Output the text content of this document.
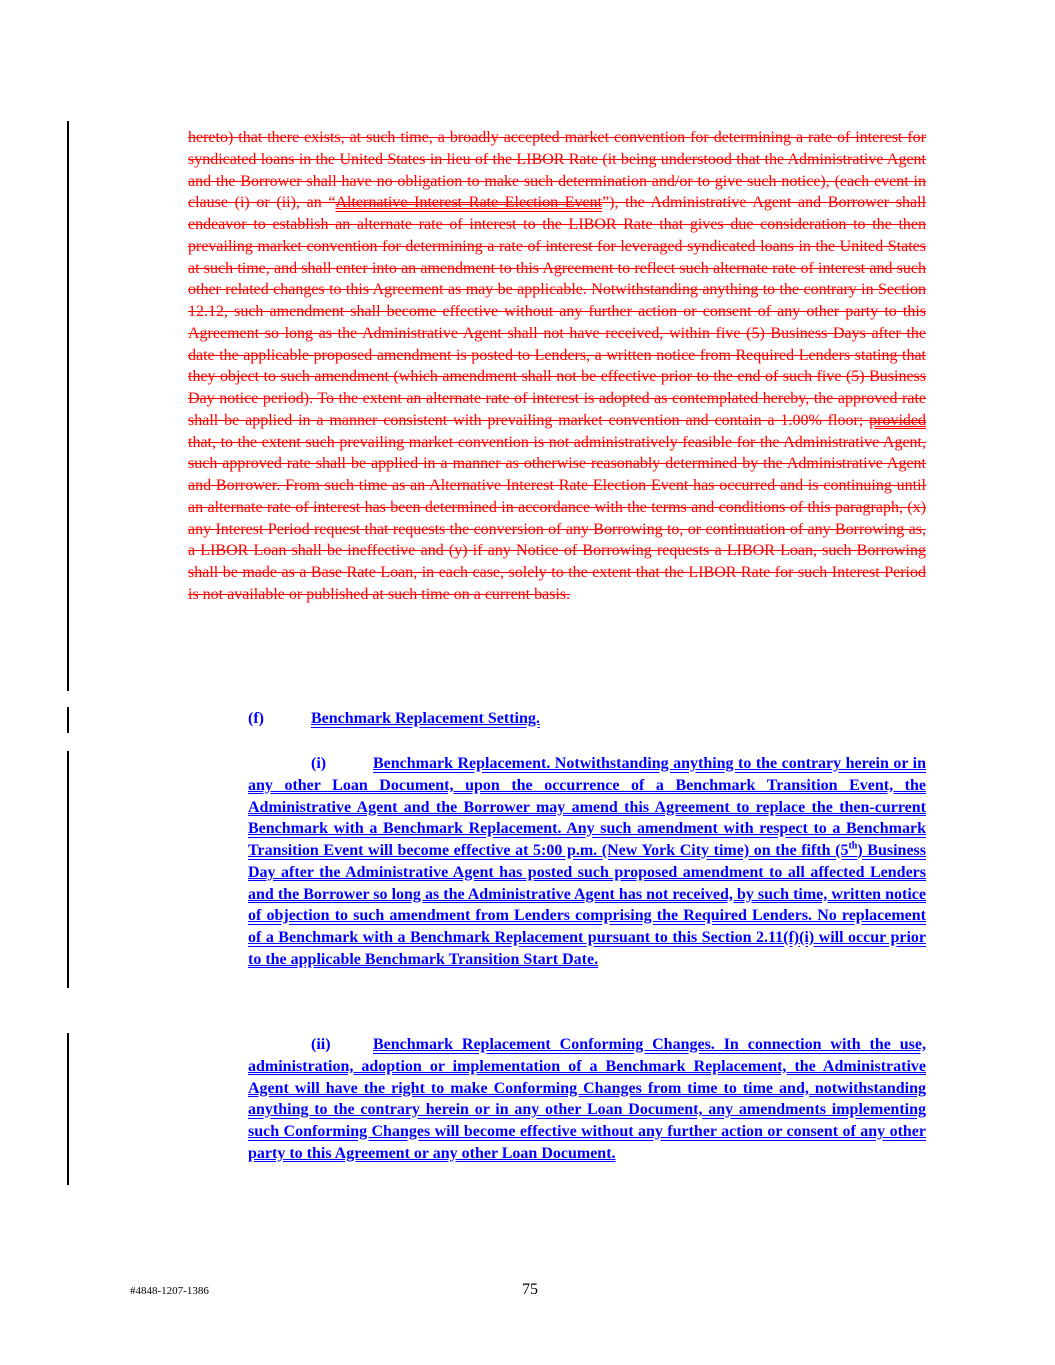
hereto) that there exists, at such time, a broadly accepted market convention for determining a rate of interest for syndicated loans in the United States in lieu of the LIBOR Rate (it being understood that the Administrative Agent and the Borrower shall have no obligation to make such determination and/or to give such notice), (each event in clause (i) or (ii), an “Alternative Interest Rate Election Event”), the Administrative Agent and Borrower shall endeavor to establish an alternate rate of interest to the LIBOR Rate that gives due consideration to the then prevailing market convention for determining a rate of interest for leveraged syndicated loans in the United States at such time, and shall enter into an amendment to this Agreement to reflect such alternate rate of interest and such other related changes to this Agreement as may be applicable. Notwithstanding anything to the contrary in Section 12.12, such amendment shall become effective without any further action or consent of any other party to this Agreement so long as the Administrative Agent shall not have received, within five (5) Business Days after the date the applicable proposed amendment is posted to Lenders, a written notice from Required Lenders stating that they object to such amendment (which amendment shall not be effective prior to the end of such five (5) Business Day notice period). To the extent an alternate rate of interest is adopted as contemplated hereby, the approved rate shall be applied in a manner consistent with prevailing market convention and contain a 1.00% floor; provided that, to the extent such prevailing market convention is not administratively feasible for the Administrative Agent, such approved rate shall be applied in a manner as otherwise reasonably determined by the Administrative Agent and Borrower. From such time as an Alternative Interest Rate Election Event has occurred and is continuing until an alternate rate of interest has been determined in accordance with the terms and conditions of this paragraph, (x) any Interest Period request that requests the conversion of any Borrowing to, or continuation of any Borrowing as, a LIBOR Loan shall be ineffective and (y) if any Notice of Borrowing requests a LIBOR Loan, such Borrowing shall be made as a Base Rate Loan, in each case, solely to the extent that the LIBOR Rate for such Interest Period is not available or published at such time on a current basis.

(f)	Benchmark Replacement Setting.

(i)	Benchmark Replacement. Notwithstanding anything to the contrary herein or in any other Loan Document, upon the occurrence of a Benchmark Transition Event, the Administrative Agent and the Borrower may amend this Agreement to replace the then-current Benchmark with a Benchmark Replacement. Any such amendment with respect to a Benchmark Transition Event will become effective at 5:00 p.m. (New York City time) on the fifth (5th) Business Day after the Administrative Agent has posted such proposed amendment to all affected Lenders and the Borrower so long as the Administrative Agent has not received, by such time, written notice of objection to such amendment from Lenders comprising the Required Lenders. No replacement of a Benchmark with a Benchmark Replacement pursuant to this Section 2.11(f)(i) will occur prior to the applicable Benchmark Transition Start Date.

(ii)	Benchmark Replacement Conforming Changes. In connection with the use, administration, adoption or implementation of a Benchmark Replacement, the Administrative Agent will have the right to make Conforming Changes from time to time and, notwithstanding anything to the contrary herein or in any other Loan Document, any amendments implementing such Conforming Changes will become effective without any further action or consent of any other party to this Agreement or any other Loan Document.

#4848-1207-1386	75
